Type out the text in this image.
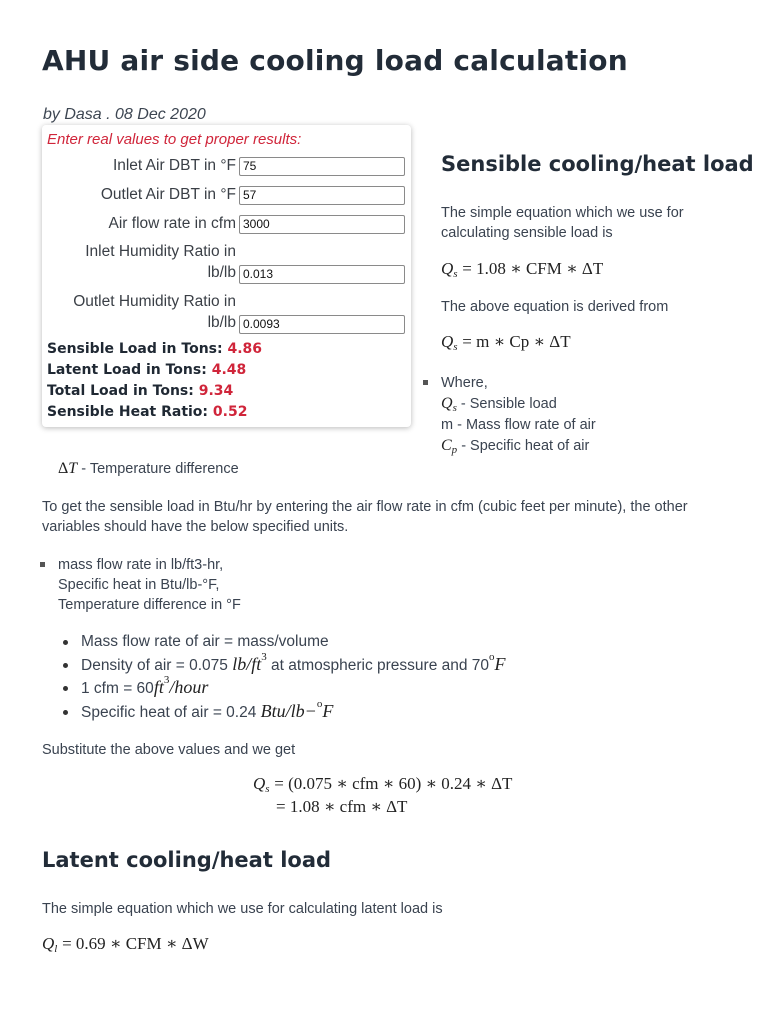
AHU air side cooling load calculation
by Dasa . 08 Dec 2020
Enter real values to get proper results:
Inlet Air DBT in °F 75
Outlet Air DBT in °F 57
Air flow rate in cfm 3000
Inlet Humidity Ratio in
lb/lb 0.013
Outlet Humidity Ratio in
lb/lb 0.0093
Sensible Load in Tons: 4.86
Latent Load in Tons: 4.48
Total Load in Tons: 9.34
Sensible Heat Ratio: 0.52
Sensible cooling/heat load
The simple equation which we use for
calculating sensible load is
Qs = 1.08 ∗ CFM ∗ ΔT
The above equation is derived from
Qs = m ∗ Cp ∗ ΔT
Where,
$Q_s$ - Sensible load
m - Mass flow rate of air
$C_p$ - Specific heat of air
ΔT - Temperature difference
To get the sensible load in Btu/hr by entering the air flow rate in cfm (cubic feet per minute), the other
variables should have the below specified units.
mass flow rate in lb/ft3-hr,
Specific heat in Btu/lb-°F,
Temperature difference in °F
Mass flow rate of air = mass/volume
Density of air = 0.075 $lb/ft^3$ at atmospheric pressure and 70$^o$F
1 cfm = $60ft^3$/hour
Specific heat of air = 0.24 Btu/lb−$^o$F
Substitute the above values and we get
Qs = (0.075 ∗ cfm ∗ 60) ∗ 0.24 ∗ ΔT
= 1.08 ∗ cfm ∗ ΔT
Latent cooling/heat load
The simple equation which we use for calculating latent load is
Ql = 0.69 ∗ CFM ∗ ΔW
